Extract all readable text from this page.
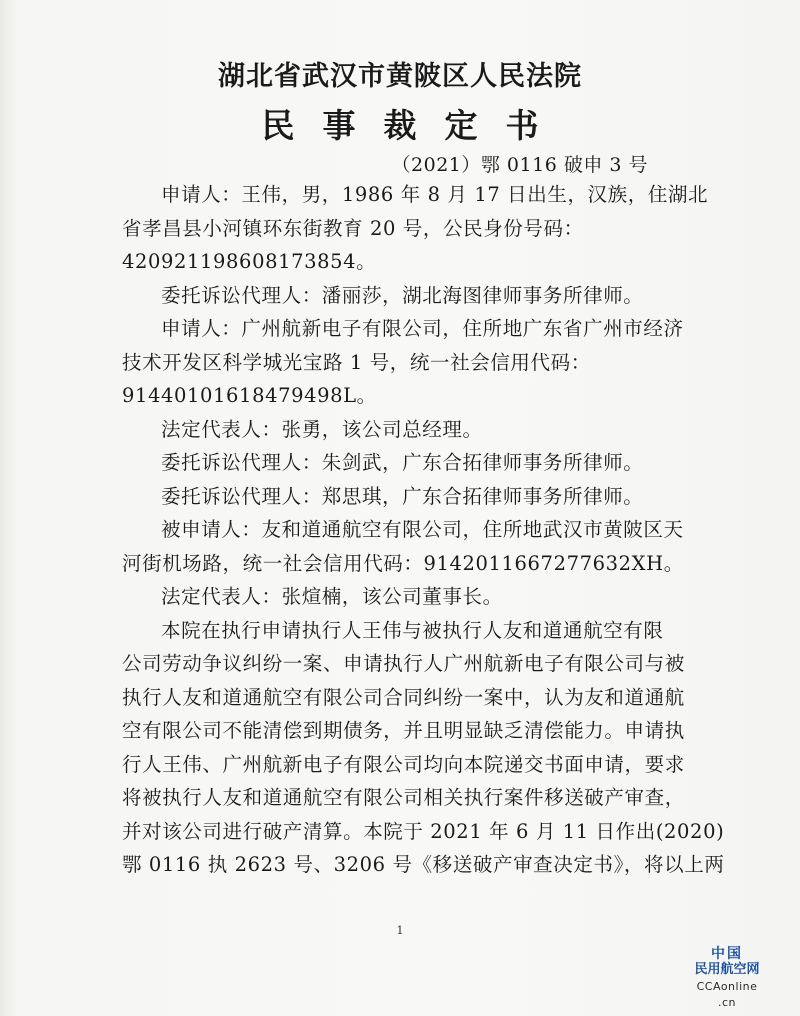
湖北省武汉市黄陂区人民法院
民事裁定书
（2021）鄂 0116 破申 3 号
申请人：王伟，男，1986 年 8 月 17 日出生，汉族，住湖北
省孝昌县小河镇环东街教育 20 号，公民身份号码：
420921198608173854。
委托诉讼代理人：潘丽莎，湖北海图律师事务所律师。
申请人：广州航新电子有限公司，住所地广东省广州市经济
技术开发区科学城光宝路 1 号，统一社会信用代码：
91440101618479498L。
法定代表人：张勇，该公司总经理。
委托诉讼代理人：朱剑武，广东合拓律师事务所律师。
委托诉讼代理人：郑思琪，广东合拓律师事务所律师。
被申请人：友和道通航空有限公司，住所地武汉市黄陂区天
河街机场路，统一社会信用代码：9142011667277632XH。
法定代表人：张煊楠，该公司董事长。
本院在执行申请执行人王伟与被执行人友和道通航空有限
公司劳动争议纠纷一案、申请执行人广州航新电子有限公司与被
执行人友和道通航空有限公司合同纠纷一案中，认为友和道通航
空有限公司不能清偿到期债务，并且明显缺乏清偿能力。申请执
行人王伟、广州航新电子有限公司均向本院递交书面申请，要求
将被执行人友和道通航空有限公司相关执行案件移送破产审查，
并对该公司进行破产清算。本院于 2021 年 6 月 11 日作出(2020)
鄂 0116 执 2623 号、3206 号《移送破产审查决定书》，将以上两
1
中国
民用航空网
CCAonline
.cn
